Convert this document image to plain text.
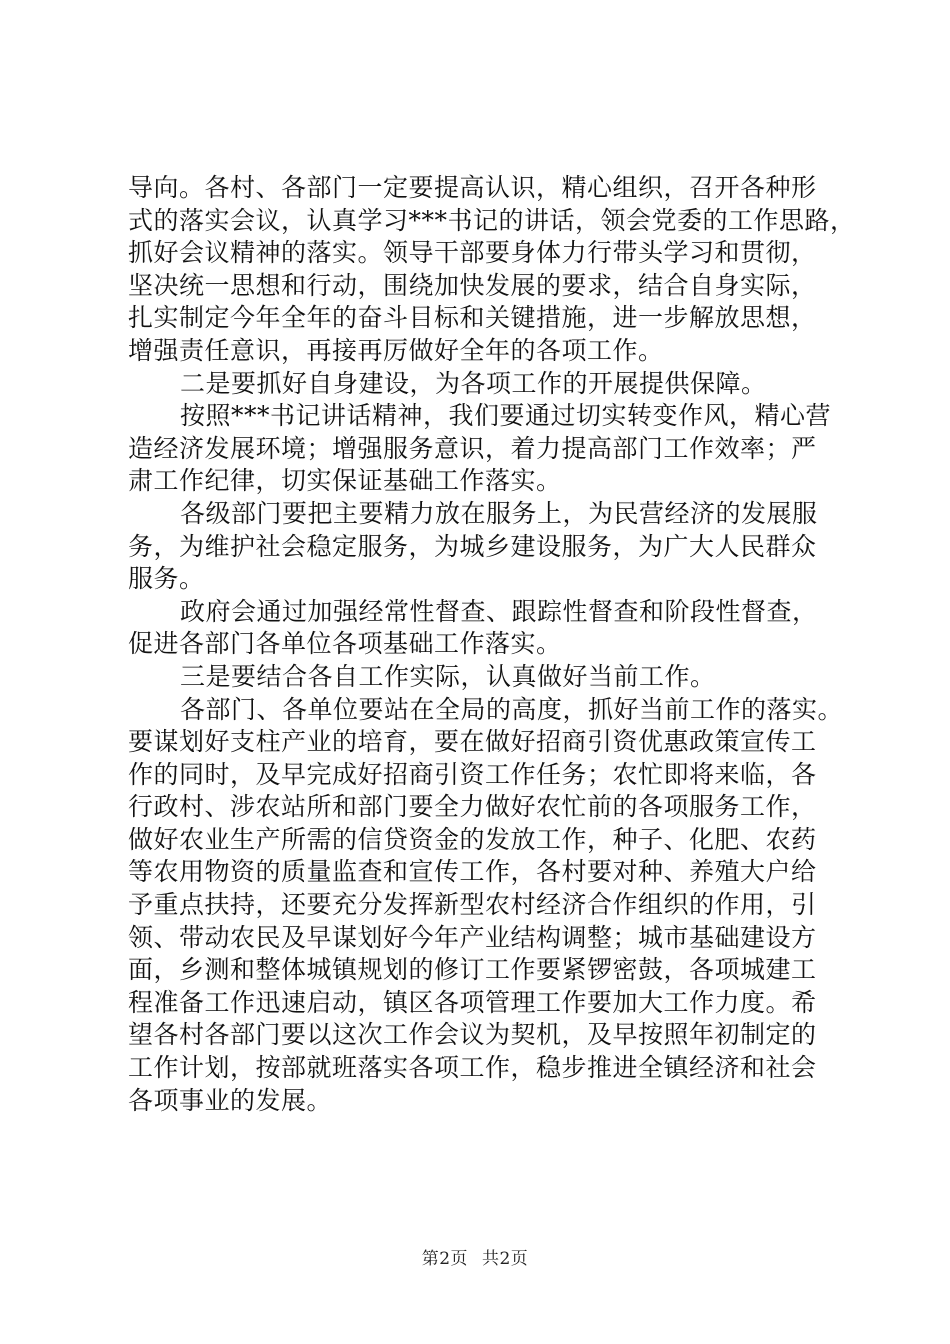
导向。各村、各部门一定要提高认识，精心组织，召开各种形
式的落实会议，认真学习***书记的讲话，领会党委的工作思路，
抓好会议精神的落实。领导干部要身体力行带头学习和贯彻，
坚决统一思想和行动，围绕加快发展的要求，结合自身实际，
扎实制定今年全年的奋斗目标和关键措施，进一步解放思想，
增强责任意识，再接再厉做好全年的各项工作。
二是要抓好自身建设，为各项工作的开展提供保障。
按照***书记讲话精神，我们要通过切实转变作风，精心营
造经济发展环境；增强服务意识，着力提高部门工作效率；严
肃工作纪律，切实保证基础工作落实。
各级部门要把主要精力放在服务上，为民营经济的发展服
务，为维护社会稳定服务，为城乡建设服务，为广大人民群众
服务。
政府会通过加强经常性督查、跟踪性督查和阶段性督查，
促进各部门各单位各项基础工作落实。
三是要结合各自工作实际，认真做好当前工作。
各部门、各单位要站在全局的高度，抓好当前工作的落实。
要谋划好支柱产业的培育，要在做好招商引资优惠政策宣传工
作的同时，及早完成好招商引资工作任务；农忙即将来临，各
行政村、涉农站所和部门要全力做好农忙前的各项服务工作，
做好农业生产所需的信贷资金的发放工作，种子、化肥、农药
等农用物资的质量监查和宣传工作，各村要对种、养殖大户给
予重点扶持，还要充分发挥新型农村经济合作组织的作用，引
领、带动农民及早谋划好今年产业结构调整；城市基础建设方
面，乡测和整体城镇规划的修订工作要紧锣密鼓，各项城建工
程准备工作迅速启动，镇区各项管理工作要加大工作力度。希
望各村各部门要以这次工作会议为契机，及早按照年初制定的
工作计划，按部就班落实各项工作，稳步推进全镇经济和社会
各项事业的发展。
第2页 共2页
